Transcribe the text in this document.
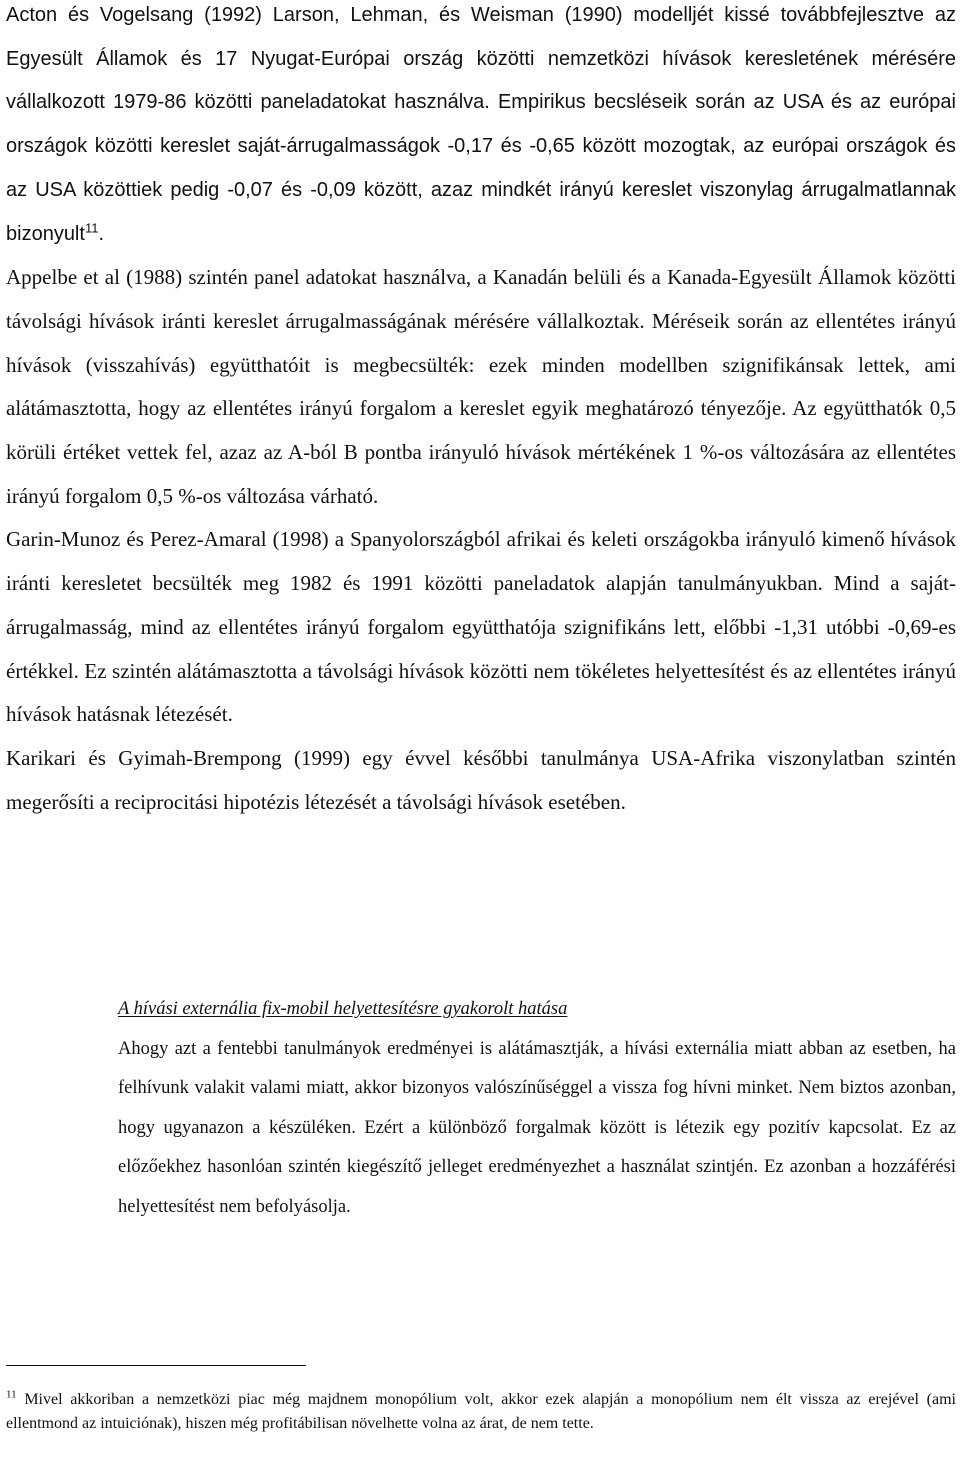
Acton és Vogelsang (1992) Larson, Lehman, és Weisman (1990) modelljét kissé továbbfejlesztve az Egyesült Államok és 17 Nyugat-Európai ország közötti nemzetközi hívások keresletének mérésére vállalkozott 1979-86 közötti paneladatokat használva. Empirikus becsléseik során az USA és az európai országok közötti kereslet saját-árrugalmasságok -0,17 és -0,65 között mozogtak, az európai országok és az USA közöttiek pedig -0,07 és -0,09 között, azaz mindkét irányú kereslet viszonylag árrugalmatlannak bizonyult$^{11}$.

Appelbe et al (1988) szintén panel adatokat használva, a Kanadán belüli és a Kanada-Egyesült Államok közötti távolsági hívások iránti kereslet árrugalmasságának mérésére vállalkoztak. Méréseik során az ellentétes irányú hívások (visszahívás) együtthatóit is megbecsülték: ezek minden modellben szignifikánsak lettek, ami alátámasztotta, hogy az ellentétes irányú forgalom a kereslet egyik meghatározó tényezője. Az együtthatók 0,5 körüli értéket vettek fel, azaz az A-ból B pontba irányuló hívások mértékének 1 %-os változására az ellentétes irányú forgalom 0,5 %-os változása várható.

Garin-Munoz és Perez-Amaral (1998) a Spanyolországból afrikai és keleti országokba irányuló kimenő hívások iránti keresletet becsülték meg 1982 és 1991 közötti paneladatok alapján tanulmányukban. Mind a saját-árrugalmasság, mind az ellentétes irányú forgalom együtthatója szignifikáns lett, előbbi -1,31 utóbbi -0,69-es értékkel. Ez szintén alátámasztotta a távolsági hívások közötti nem tökéletes helyettesítést és az ellentétes irányú hívások hatásnak létezését.

Karikari és Gyimah-Brempong (1999) egy évvel későbbi tanulmánya USA-Afrika viszonylatban szintén megerősíti a reciprocitási hipotézis létezését a távolsági hívások esetében.

A hívási externália fix-mobil helyettesítésre gyakorolt hatása

Ahogy azt a fentebbi tanulmányok eredményei is alátámasztják, a hívási externália miatt abban az esetben, ha felhívunk valakit valami miatt, akkor bizonyos valószínűséggel a vissza fog hívni minket. Nem biztos azonban, hogy ugyanazon a készüléken. Ezért a különböző forgalmak között is létezik egy pozitív kapcsolat. Ez az előzőekhez hasonlóan szintén kiegészítő jelleget eredményezhet a használat szintjén. Ez azonban a hozzáférési helyettesítést nem befolyásolja.

$^{11}$ Mivel akkoriban a nemzetközi piac még majdnem monopólium volt, akkor ezek alapján a monopólium nem élt vissza az erejével (ami ellentmond az intuiciónak), hiszen még profitábilisan növelhette volna az árat, de nem tette.
